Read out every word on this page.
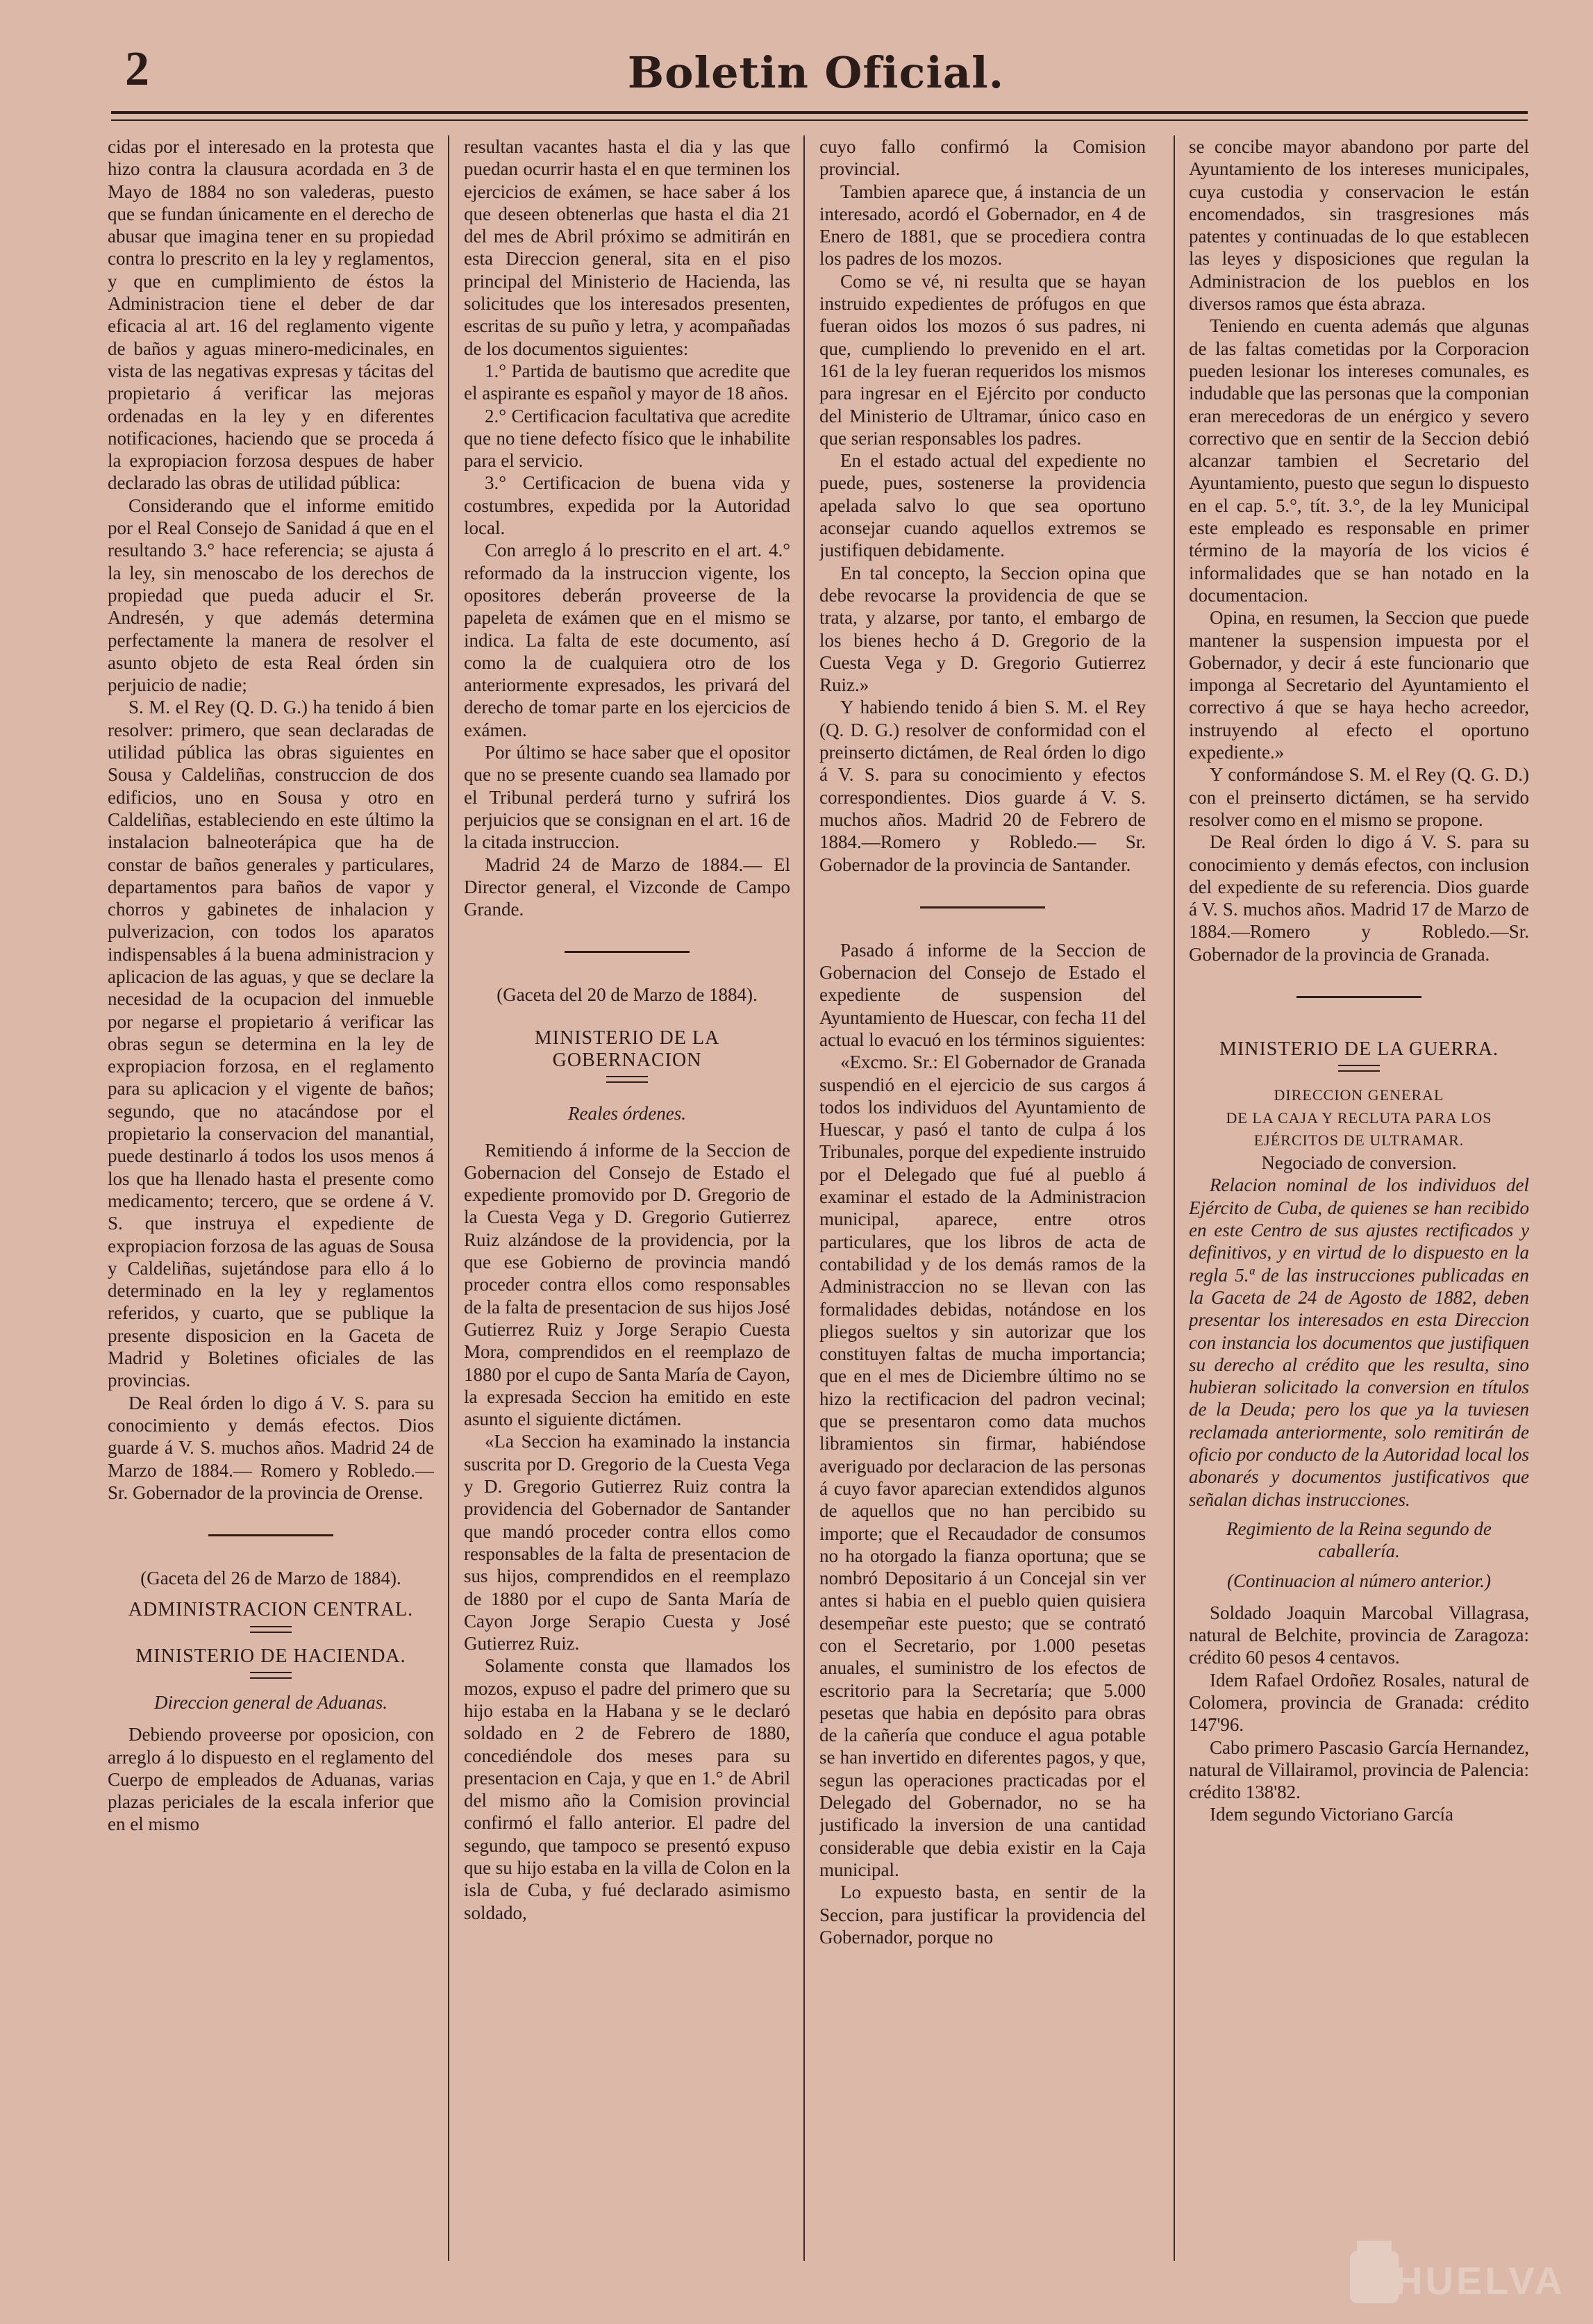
2	Boletin Oficial.

cidas por el interesado en la protesta que hizo contra la clausura acordada en 3 de Mayo de 1884 no son valederas, puesto que se fundan únicamente en el derecho de abusar que imagina tener en su propiedad contra lo prescrito en la ley y reglamentos, y que en cumplimiento de éstos la Administracion tiene el deber de dar eficacia al art. 16 del reglamento vigente de baños y aguas minero-medicinales, en vista de las negativas expresas y tácitas del propietario á verificar las mejoras ordenadas en la ley y en diferentes notificaciones, haciendo que se proceda á la expropiacion forzosa despues de haber declarado las obras de utilidad pública:

Considerando que el informe emitido por el Real Consejo de Sanidad á que en el resultando 3.° hace referencia; se ajusta á la ley, sin menoscabo de los derechos de propiedad que pueda aducir el Sr. Andresén, y que además determina perfectamente la manera de resolver el asunto objeto de esta Real órden sin perjuicio de nadie;

S. M. el Rey (Q. D. G.) ha tenido á bien resolver: primero, que sean declaradas de utilidad pública las obras siguientes en Sousa y Caldeliñas, construccion de dos edificios, uno en Sousa y otro en Caldeliñas, estableciendo en este último la instalacion balneoterápica que ha de constar de baños generales y particulares, departamentos para baños de vapor y chorros y gabinetes de inhalacion y pulverizacion, con todos los aparatos indispensables á la buena administracion y aplicacion de las aguas, y que se declare la necesidad de la ocupacion del inmueble por negarse el propietario á verificar las obras segun se determina en la ley de expropiacion forzosa, en el reglamento para su aplicacion y el vigente de baños; segundo, que no atacándose por el propietario la conservacion del manantial, puede destinarlo á todos los usos menos á los que ha llenado hasta el presente como medicamento; tercero, que se ordene á V. S. que instruya el expediente de expropiacion forzosa de las aguas de Sousa y Caldeliñas, sujetándose para ello á lo determinado en la ley y reglamentos referidos, y cuarto, que se publique la presente disposicion en la Gaceta de Madrid y Boletines oficiales de las provincias.

De Real órden lo digo á V. S. para su conocimiento y demás efectos. Dios guarde á V. S. muchos años. Madrid 24 de Marzo de 1884.— Romero y Robledo.—Sr. Gobernador de la provincia de Orense.

(Gaceta del 26 de Marzo de 1884).

ADMINISTRACION CENTRAL.

MINISTERIO DE HACIENDA.

Direccion general de Aduanas.

Debiendo proveerse por oposicion, con arreglo á lo dispuesto en el reglamento del Cuerpo de empleados de Aduanas, varias plazas periciales de la escala inferior que en el mismo

resultan vacantes hasta el dia y las que puedan ocurrir hasta el en que terminen los ejercicios de exámen, se hace saber á los que deseen obtenerlas que hasta el dia 21 del mes de Abril próximo se admitirán en esta Direccion general, sita en el piso principal del Ministerio de Hacienda, las solicitudes que los interesados presenten, escritas de su puño y letra, y acompañadas de los documentos siguientes:

1.° Partida de bautismo que acredite que el aspirante es español y mayor de 18 años.

2.° Certificacion facultativa que acredite que no tiene defecto físico que le inhabilite para el servicio.

3.° Certificacion de buena vida y costumbres, expedida por la Autoridad local.

Con arreglo á lo prescrito en el art. 4.° reformado da la instruccion vigente, los opositores deberán proveerse de la papeleta de exámen que en el mismo se indica. La falta de este documento, así como la de cualquiera otro de los anteriormente expresados, les privará del derecho de tomar parte en los ejercicios de exámen.

Por último se hace saber que el opositor que no se presente cuando sea llamado por el Tribunal perderá turno y sufrirá los perjuicios que se consignan en el art. 16 de la citada instruccion.

Madrid 24 de Marzo de 1884.— El Director general, el Vizconde de Campo Grande.

(Gaceta del 20 de Marzo de 1884).

MINISTERIO DE LA GOBERNACION

Reales órdenes.

Remitiendo á informe de la Seccion de Gobernacion del Consejo de Estado el expediente promovido por D. Gregorio de la Cuesta Vega y D. Gregorio Gutierrez Ruiz alzándose de la providencia, por la que ese Gobierno de provincia mandó proceder contra ellos como responsables de la falta de presentacion de sus hijos José Gutierrez Ruiz y Jorge Serapio Cuesta Mora, comprendidos en el reemplazo de 1880 por el cupo de Santa María de Cayon, la expresada Seccion ha emitido en este asunto el siguiente dictámen.

«La Seccion ha examinado la instancia suscrita por D. Gregorio de la Cuesta Vega y D. Gregorio Gutierrez Ruiz contra la providencia del Gobernador de Santander que mandó proceder contra ellos como responsables de la falta de presentacion de sus hijos, comprendidos en el reemplazo de 1880 por el cupo de Santa María de Cayon Jorge Serapio Cuesta y José Gutierrez Ruiz.

Solamente consta que llamados los mozos, expuso el padre del primero que su hijo estaba en la Habana y se le declaró soldado en 2 de Febrero de 1880, concediéndole dos meses para su presentacion en Caja, y que en 1.° de Abril del mismo año la Comision provincial confirmó el fallo anterior. El padre del segundo, que tampoco se presentó expuso que su hijo estaba en la villa de Colon en la isla de Cuba, y fué declarado asimismo soldado,

cuyo fallo confirmó la Comision provincial.

Tambien aparece que, á instancia de un interesado, acordó el Gobernador, en 4 de Enero de 1881, que se procediera contra los padres de los mozos.

Como se vé, ni resulta que se hayan instruido expedientes de prófugos en que fueran oidos los mozos ó sus padres, ni que, cumpliendo lo prevenido en el art. 161 de la ley fueran requeridos los mismos para ingresar en el Ejército por conducto del Ministerio de Ultramar, único caso en que serian responsables los padres.

En el estado actual del expediente no puede, pues, sostenerse la providencia apelada salvo lo que sea oportuno aconsejar cuando aquellos extremos se justifiquen debidamente.

En tal concepto, la Seccion opina que debe revocarse la providencia de que se trata, y alzarse, por tanto, el embargo de los bienes hecho á D. Gregorio de la Cuesta Vega y D. Gregorio Gutierrez Ruiz.»

Y habiendo tenido á bien S. M. el Rey (Q. D. G.) resolver de conformidad con el preinserto dictámen, de Real órden lo digo á V. S. para su conocimiento y efectos correspondientes. Dios guarde á V. S. muchos años. Madrid 20 de Febrero de 1884.—Romero y Robledo.— Sr. Gobernador de la provincia de Santander.

Pasado á informe de la Seccion de Gobernacion del Consejo de Estado el expediente de suspension del Ayuntamiento de Huescar, con fecha 11 del actual lo evacuó en los términos siguientes:

«Excmo. Sr.: El Gobernador de Granada suspendió en el ejercicio de sus cargos á todos los individuos del Ayuntamiento de Huescar, y pasó el tanto de culpa á los Tribunales, porque del expediente instruido por el Delegado que fué al pueblo á examinar el estado de la Administracion municipal, aparece, entre otros particulares, que los libros de acta de contabilidad y de los demás ramos de la Administraccion no se llevan con las formalidades debidas, notándose en los pliegos sueltos y sin autorizar que los constituyen faltas de mucha importancia; que en el mes de Diciembre último no se hizo la rectificacion del padron vecinal; que se presentaron como data muchos libramientos sin firmar, habiéndose averiguado por declaracion de las personas á cuyo favor aparecian extendidos algunos de aquellos que no han percibido su importe; que el Recaudador de consumos no ha otorgado la fianza oportuna; que se nombró Depositario á un Concejal sin ver antes si habia en el pueblo quien quisiera desempeñar este puesto; que se contrató con el Secretario, por 1.000 pesetas anuales, el suministro de los efectos de escritorio para la Secretaría; que 5.000 pesetas que habia en depósito para obras de la cañería que conduce el agua potable se han invertido en diferentes pagos, y que, segun las operaciones practicadas por el Delegado del Gobernador, no se ha justificado la inversion de una cantidad considerable que debia existir en la Caja municipal.

Lo expuesto basta, en sentir de la Seccion, para justificar la providencia del Gobernador, porque no

se concibe mayor abandono por parte del Ayuntamiento de los intereses municipales, cuya custodia y conservacion le están encomendados, sin trasgresiones más patentes y continuadas de lo que establecen las leyes y disposiciones que regulan la Administracion de los pueblos en los diversos ramos que ésta abraza.

Teniendo en cuenta además que algunas de las faltas cometidas por la Corporacion pueden lesionar los intereses comunales, es indudable que las personas que la componian eran merecedoras de un enérgico y severo correctivo que en sentir de la Seccion debió alcanzar tambien el Secretario del Ayuntamiento, puesto que segun lo dispuesto en el cap. 5.°, tít. 3.°, de la ley Municipal este empleado es responsable en primer término de la mayoría de los vicios é informalidades que se han notado en la documentacion.

Opina, en resumen, la Seccion que puede mantener la suspension impuesta por el Gobernador, y decir á este funcionario que imponga al Secretario del Ayuntamiento el correctivo á que se haya hecho acreedor, instruyendo al efecto el oportuno expediente.»

Y conformándose S. M. el Rey (Q. G. D.) con el preinserto dictámen, se ha servido resolver como en el mismo se propone.

De Real órden lo digo á V. S. para su conocimiento y demás efectos, con inclusion del expediente de su referencia. Dios guarde á V. S. muchos años. Madrid 17 de Marzo de 1884.—Romero y Robledo.—Sr. Gobernador de la provincia de Granada.

MINISTERIO DE LA GUERRA.

DIRECCION GENERAL

DE LA CAJA Y RECLUTA PARA LOS EJÉRCITOS DE ULTRAMAR.

Negociado de conversion.

Relacion nominal de los individuos del Ejército de Cuba, de quienes se han recibido en este Centro de sus ajustes rectificados y definitivos, y en virtud de lo dispuesto en la regla 5.ª de las instrucciones publicadas en la Gaceta de 24 de Agosto de 1882, deben presentar los interesados en esta Direccion con instancia los documentos que justifiquen su derecho al crédito que les resulta, sino hubieran solicitado la conversion en títulos de la Deuda; pero los que ya la tuviesen reclamada anteriormente, solo remitirán de oficio por conducto de la Autoridad local los abonarés y documentos justificativos que señalan dichas instrucciones.

Regimiento de la Reina segundo de caballería.

(Continuacion al número anterior.)

Soldado Joaquin Marcobal Villagrasa, natural de Belchite, provincia de Zaragoza: crédito 60 pesos 4 centavos.

Idem Rafael Ordoñez Rosales, natural de Colomera, provincia de Granada: crédito 147'96.

Cabo primero Pascasio García Hernandez, natural de Villairamol, provincia de Palencia: crédito 138'82.

Idem segundo Victoriano García

HUELVA
